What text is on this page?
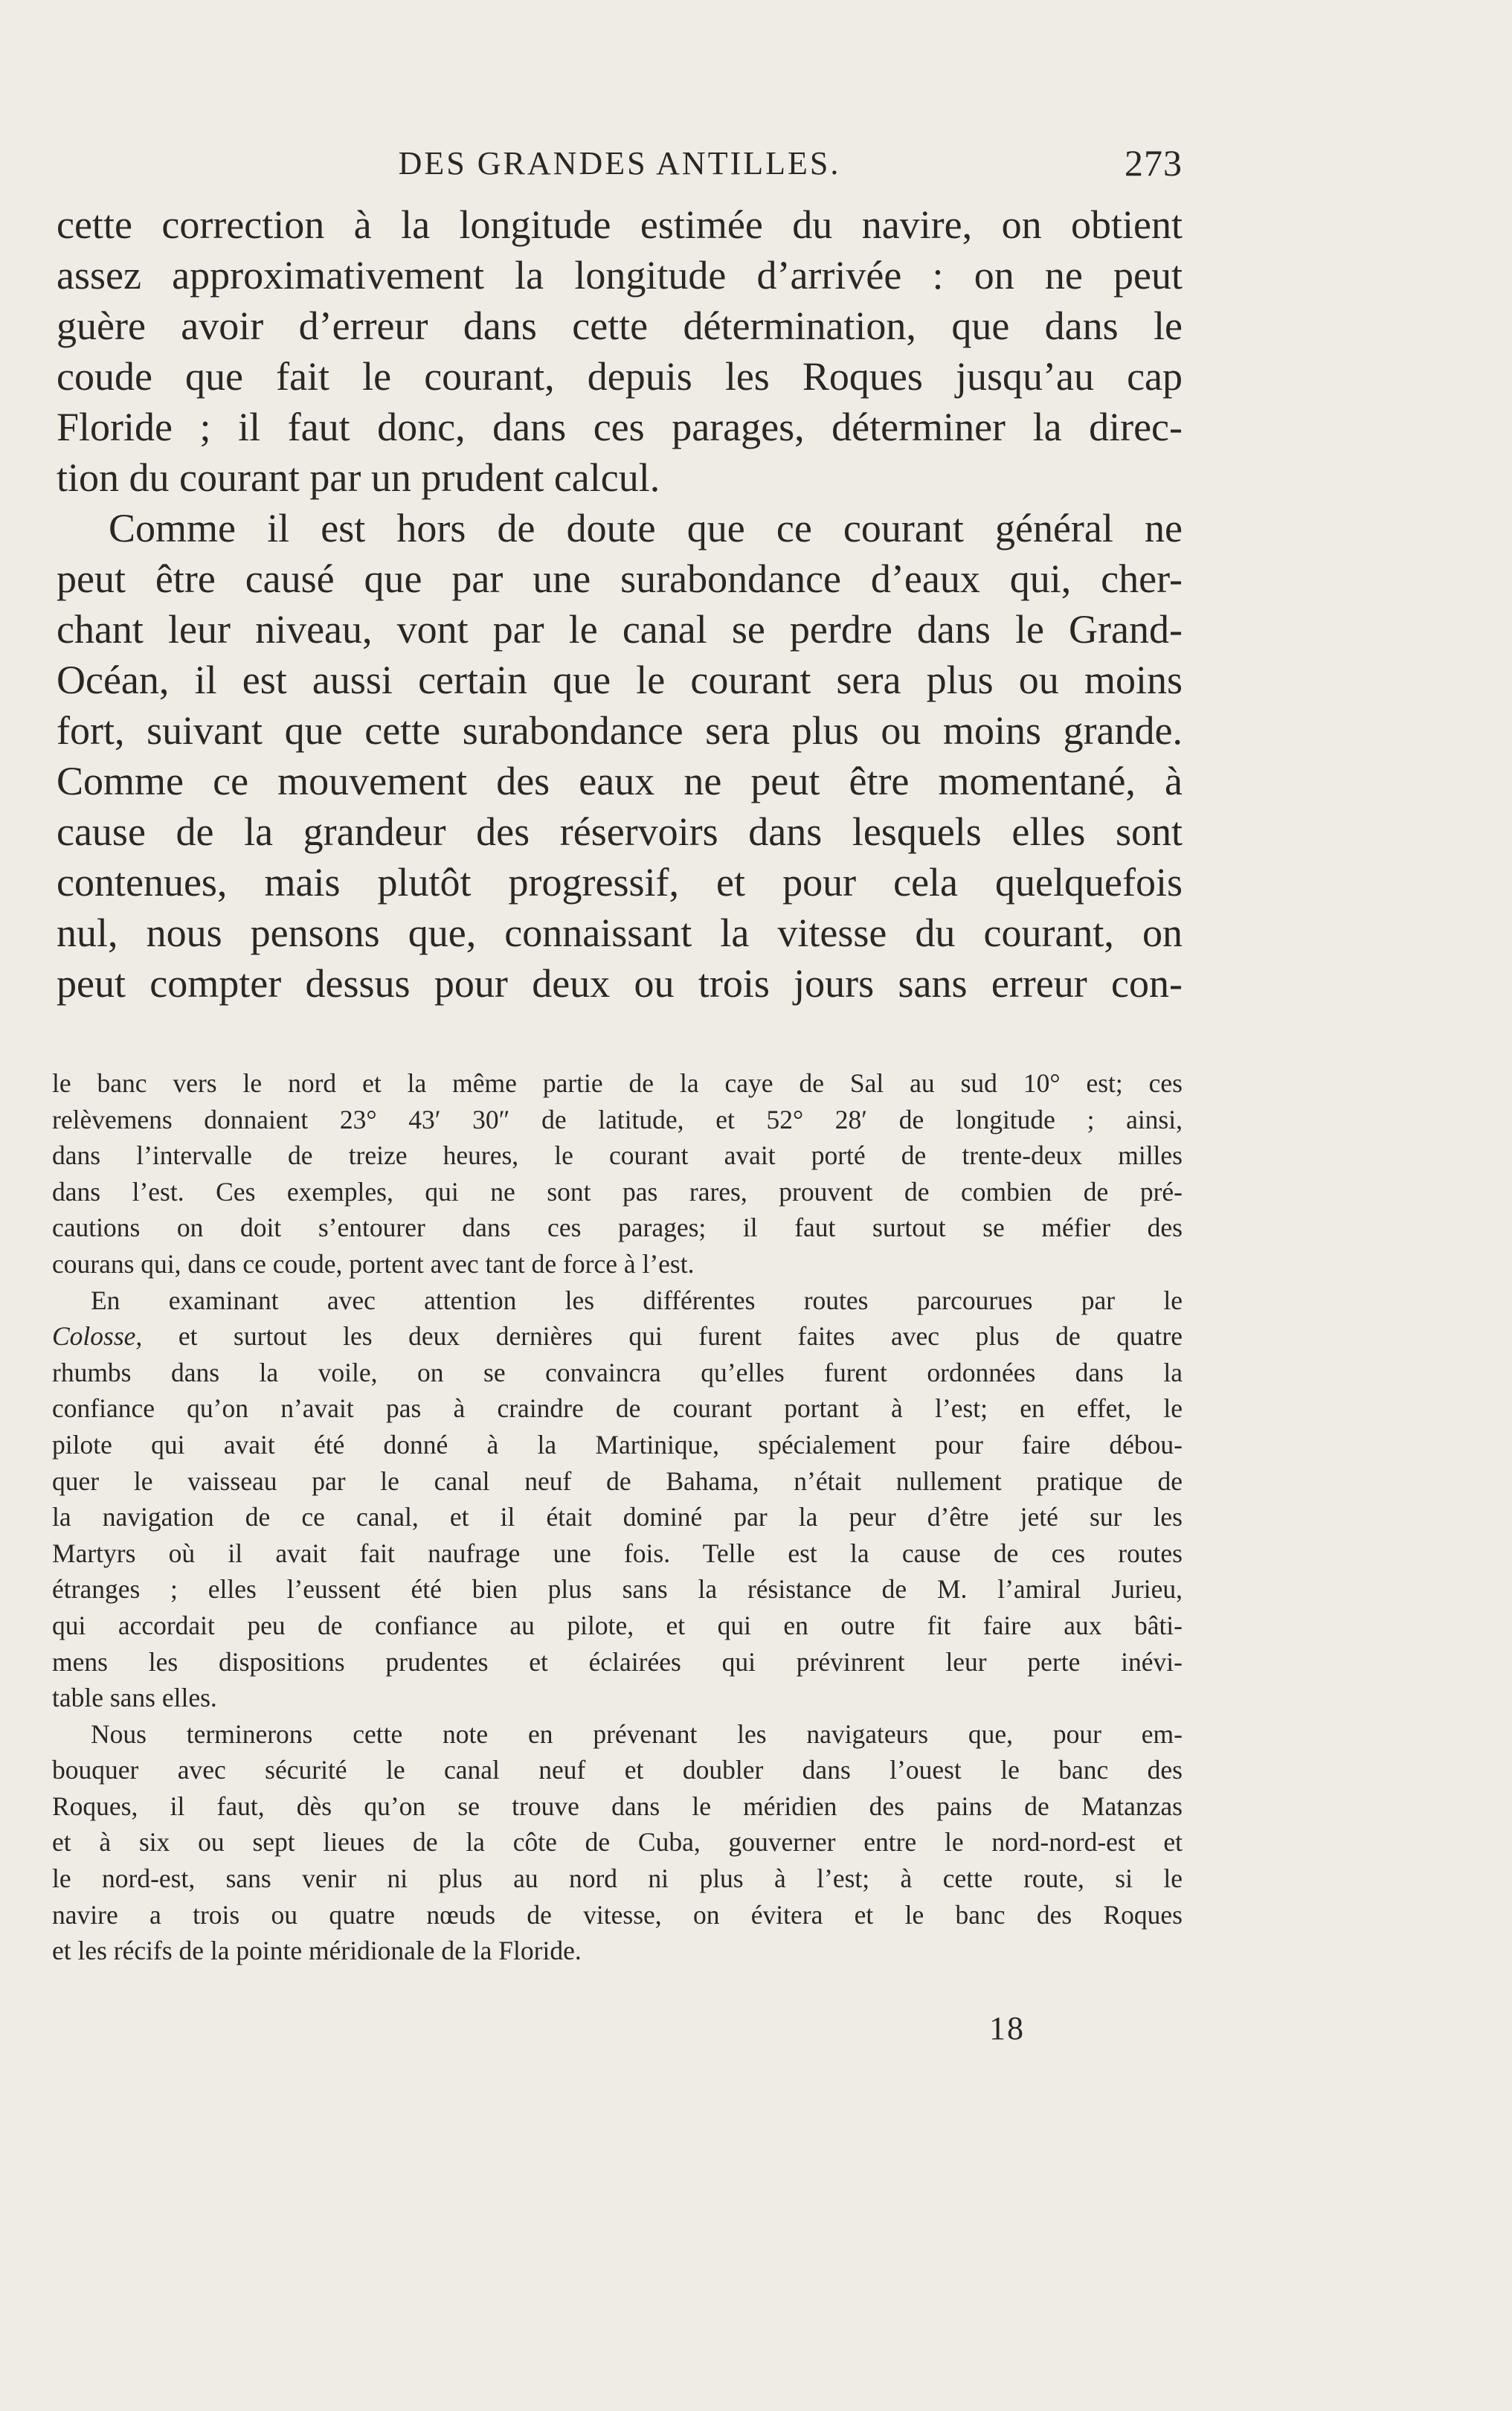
DES GRANDES ANTILLES.	273
cette correction à la longitude estimée du navire, on obtient
assez approximativement la longitude d’arrivée : on ne peut
guère avoir d’erreur dans cette détermination, que dans le
coude que fait le courant, depuis les Roques jusqu’au cap
Floride ; il faut donc, dans ces parages, déterminer la direc-
tion du courant par un prudent calcul.
Comme il est hors de doute que ce courant général ne
peut être causé que par une surabondance d’eaux qui, cher-
chant leur niveau, vont par le canal se perdre dans le Grand-
Océan, il est aussi certain que le courant sera plus ou moins
fort, suivant que cette surabondance sera plus ou moins grande.
Comme ce mouvement des eaux ne peut être momentané, à
cause de la grandeur des réservoirs dans lesquels elles sont
contenues, mais plutôt progressif, et pour cela quelquefois
nul, nous pensons que, connaissant la vitesse du courant, on
peut compter dessus pour deux ou trois jours sans erreur con-
le banc vers le nord et la même partie de la caye de Sal au sud 10° est; ces
relèvemens donnaient 23° 43′ 30″ de latitude, et 52° 28′ de longitude ; ainsi,
dans l’intervalle de treize heures, le courant avait porté de trente-deux milles
dans l’est. Ces exemples, qui ne sont pas rares, prouvent de combien de pré-
cautions on doit s’entourer dans ces parages; il faut surtout se méfier des
courans qui, dans ce coude, portent avec tant de force à l’est.
En examinant avec attention les différentes routes parcourues par le
Colosse, et surtout les deux dernières qui furent faites avec plus de quatre
rhumbs dans la voile, on se convaincra qu’elles furent ordonnées dans la
confiance qu’on n’avait pas à craindre de courant portant à l’est; en effet, le
pilote qui avait été donné à la Martinique, spécialement pour faire débou-
quer le vaisseau par le canal neuf de Bahama, n’était nullement pratique de
la navigation de ce canal, et il était dominé par la peur d’être jeté sur les
Martyrs où il avait fait naufrage une fois. Telle est la cause de ces routes
étranges ; elles l’eussent été bien plus sans la résistance de M. l’amiral Jurieu,
qui accordait peu de confiance au pilote, et qui en outre fit faire aux bâti-
mens les dispositions prudentes et éclairées qui prévinrent leur perte inévi-
table sans elles.
Nous terminerons cette note en prévenant les navigateurs que, pour em-
bouquer avec sécurité le canal neuf et doubler dans l’ouest le banc des
Roques, il faut, dès qu’on se trouve dans le méridien des pains de Matanzas
et à six ou sept lieues de la côte de Cuba, gouverner entre le nord-nord-est et
le nord-est, sans venir ni plus au nord ni plus à l’est; à cette route, si le
navire a trois ou quatre nœuds de vitesse, on évitera et le banc des Roques
et les récifs de la pointe méridionale de la Floride.
18
